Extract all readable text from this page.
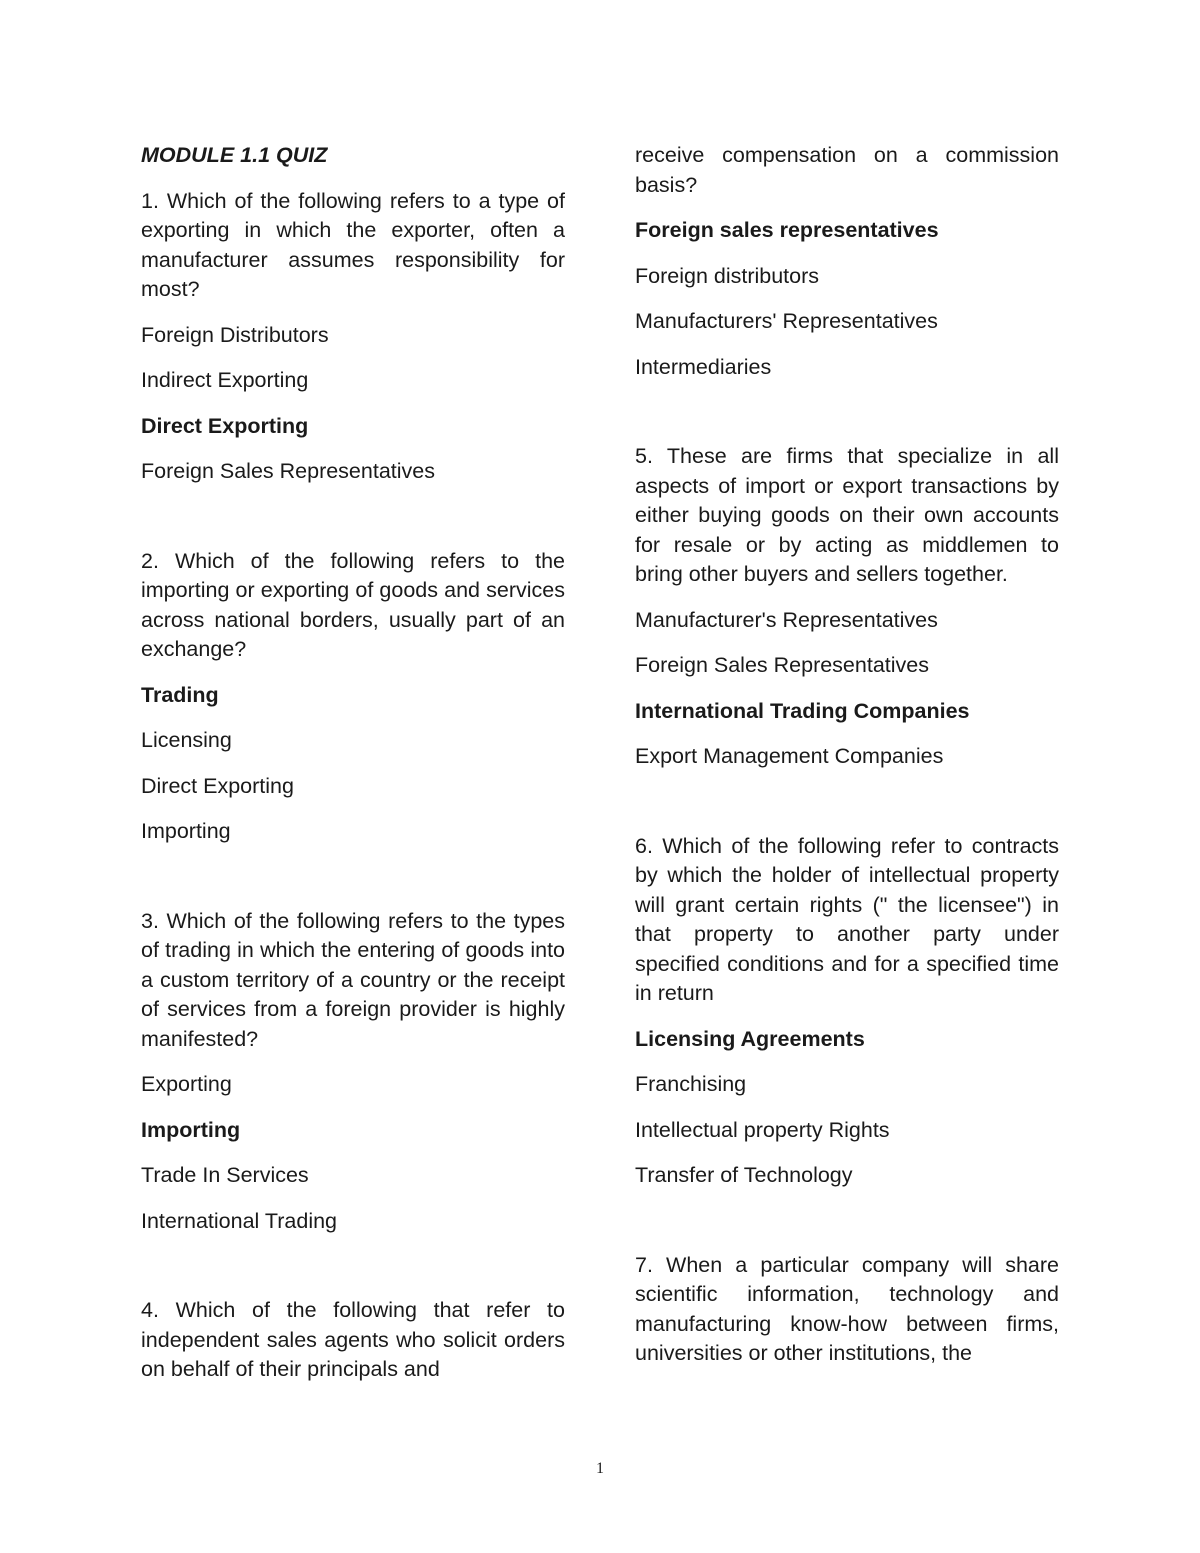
MODULE 1.1 QUIZ
1. Which of the following refers to a type of exporting in which the exporter, often a manufacturer assumes responsibility for most?
Foreign Distributors
Indirect Exporting
Direct Exporting
Foreign Sales Representatives
2. Which of the following refers to the importing or exporting of goods and services across national borders, usually part of an exchange?
Trading
Licensing
Direct Exporting
Importing
3. Which of the following refers to the types of trading in which the entering of goods into a custom territory of a country or the receipt of services from a foreign provider is highly manifested?
Exporting
Importing
Trade In Services
International Trading
4. Which of the following that refer to independent sales agents who solicit orders on behalf of their principals and
receive compensation on a commission basis?
Foreign sales representatives
Foreign distributors
Manufacturers' Representatives
Intermediaries
5. These are firms that specialize in all aspects of import or export transactions by either buying goods on their own accounts for resale or by acting as middlemen to bring other buyers and sellers together.
Manufacturer's Representatives
Foreign Sales Representatives
International Trading Companies
Export Management Companies
6. Which of the following refer to contracts by which the holder of intellectual property will grant certain rights (" the licensee") in that property to another party under specified conditions and for a specified time in return
Licensing Agreements
Franchising
Intellectual property Rights
Transfer of Technology
7. When a particular company will share scientific information, technology and manufacturing know-how between firms, universities or other institutions, the
1
